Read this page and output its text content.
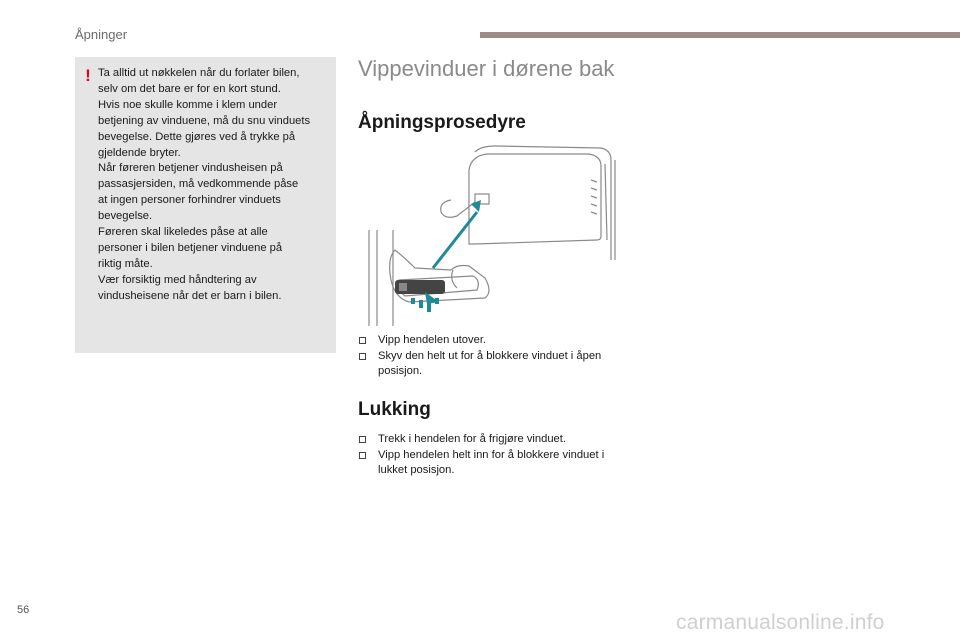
Åpninger
! Ta alltid ut nøkkelen når du forlater bilen,
selv om det bare er for en kort stund.
Hvis noe skulle komme i klem under
betjening av vinduene, må du snu vinduets
bevegelse. Dette gjøres ved å trykke på
gjeldende bryter.
Når føreren betjener vindusheisen på
passasjersiden, må vedkommende påse
at ingen personer forhindrer vinduets
bevegelse.
Føreren skal likeledes påse at alle
personer i bilen betjener vinduene på
riktig måte.
Vær forsiktig med håndtering av
vindusheisene når det er barn i bilen.
Vippevinduer i dørene bak
Åpningsprosedyre
Vipp hendelen utover.
Skyv den helt ut for å blokkere vinduet i åpen posisjon.
Lukking
Trekk i hendelen for å frigjøre vinduet.
Vipp hendelen helt inn for å blokkere vinduet i lukket posisjon.
56
carmanualsonline.info
